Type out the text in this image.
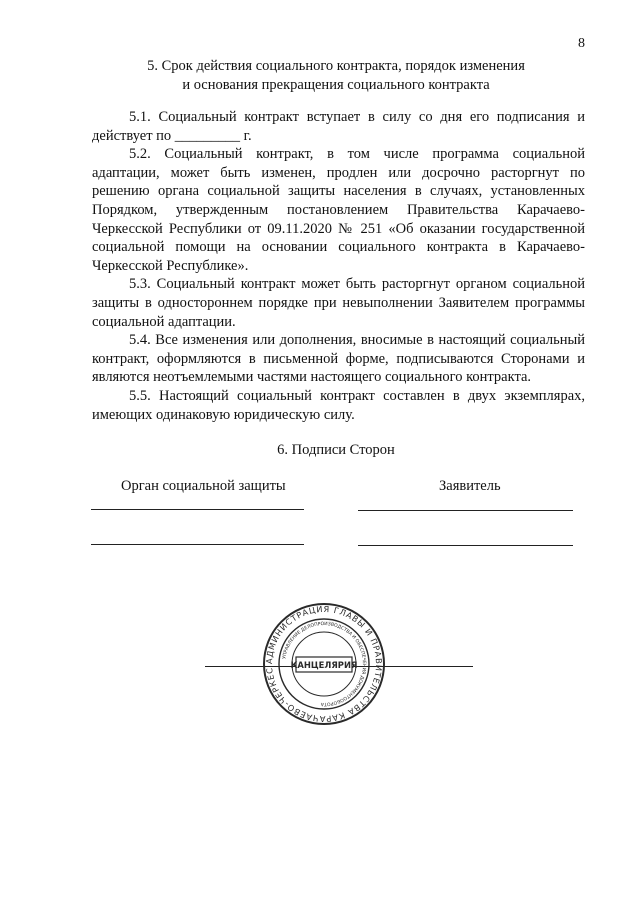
8
5. Срок действия социального контракта, порядок изменения
и основания прекращения социального контракта

5.1. Социальный контракт вступает в силу со дня его подписания и действует по _________ г.

5.2. Социальный контракт, в том числе программа социальной адаптации, может быть изменен, продлен или досрочно расторгнут по решению органа социальной защиты населения в случаях, установленных Порядком, утвержденным постановлением Правительства Карачаево-Черкесской Республики от 09.11.2020 № 251 «Об оказании государственной социальной помощи на основании социального контракта в Карачаево-Черкесской Республике».

5.3. Социальный контракт может быть расторгнут органом социальной защиты в одностороннем порядке при невыполнении Заявителем программы социальной адаптации.

5.4. Все изменения или дополнения, вносимые в настоящий социальный контракт, оформляются в письменной форме, подписываются Сторонами и являются неотъемлемыми частями настоящего социального контракта.

5.5. Настоящий социальный контракт составлен в двух экземплярах, имеющих одинаковую юридическую силу.

6. Подписи Сторон
Орган социальной защиты	Заявитель
АДМИНИСТРАЦИЯ ГЛАВЫ И ПРАВИТЕЛЬСТВА КАРАЧАЕВО-ЧЕРКЕС
УПРАВЛЕНИЕ ДЕЛОПРОИЗВОДСТВА И ОБЕСПЕЧЕНИЯ ДОКУМЕНТООБОРОТА
КАНЦЕЛЯРИЯ
